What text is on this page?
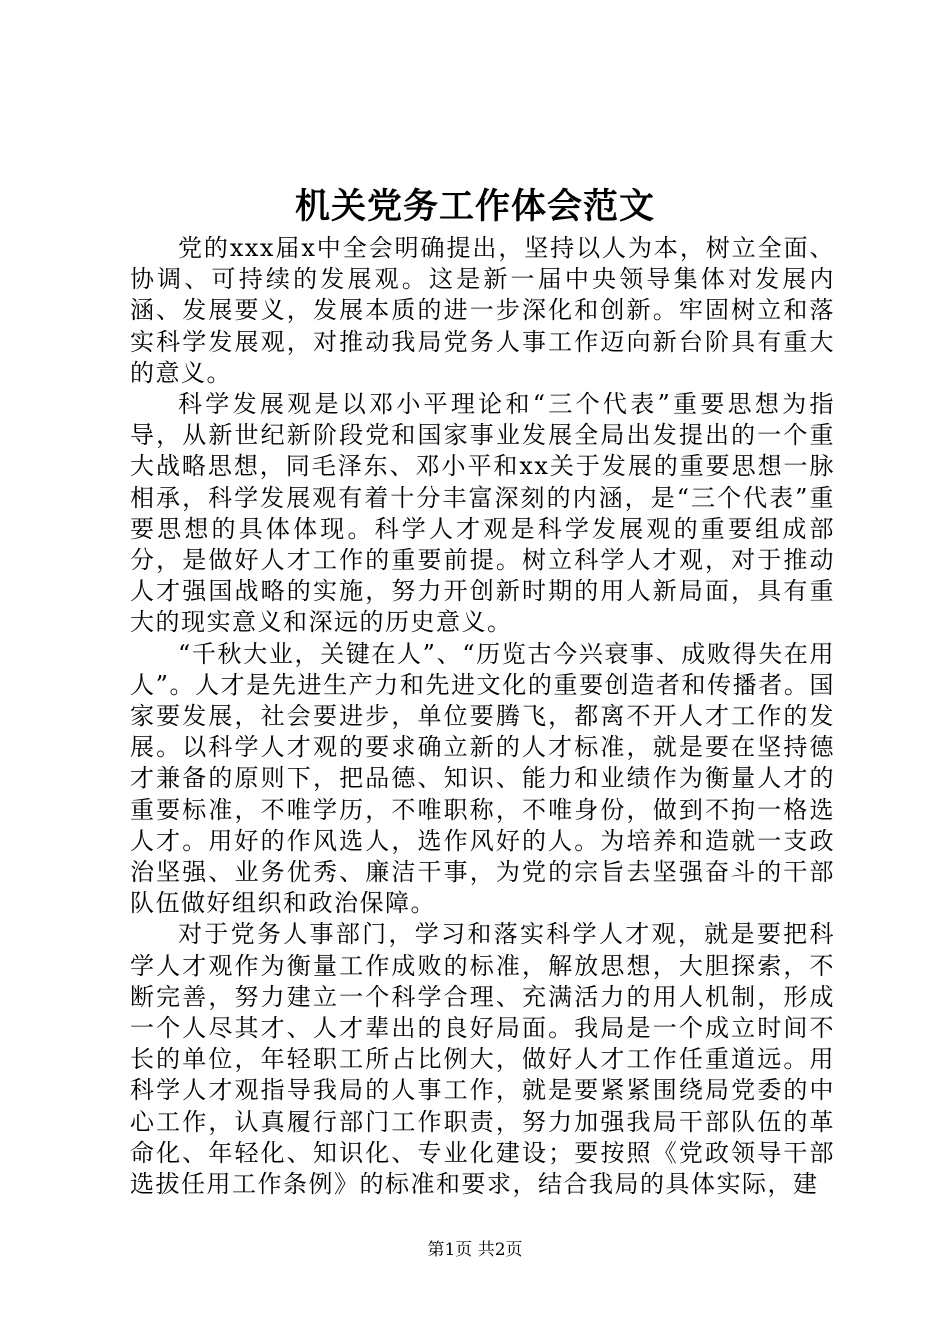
机关党务工作体会范文

党的xxx届x中全会明确提出，坚持以人为本，树立全面、协调、可持续的发展观。这是新一届中央领导集体对发展内涵、发展要义，发展本质的进一步深化和创新。牢固树立和落实科学发展观，对推动我局党务人事工作迈向新台阶具有重大的意义。

科学发展观是以邓小平理论和“三个代表”重要思想为指导，从新世纪新阶段党和国家事业发展全局出发提出的一个重大战略思想，同毛泽东、邓小平和xx关于发展的重要思想一脉相承，科学发展观有着十分丰富深刻的内涵，是“三个代表”重要思想的具体体现。科学人才观是科学发展观的重要组成部分，是做好人才工作的重要前提。树立科学人才观，对于推动人才强国战略的实施，努力开创新时期的用人新局面，具有重大的现实意义和深远的历史意义。

“千秋大业，关键在人”、“历览古今兴衰事、成败得失在用人”。人才是先进生产力和先进文化的重要创造者和传播者。国家要发展，社会要进步，单位要腾飞，都离不开人才工作的发展。以科学人才观的要求确立新的人才标准，就是要在坚持德才兼备的原则下，把品德、知识、能力和业绩作为衡量人才的重要标准，不唯学历，不唯职称，不唯身份，做到不拘一格选人才。用好的作风选人，选作风好的人。为培养和造就一支政治坚强、业务优秀、廉洁干事，为党的宗旨去坚强奋斗的干部队伍做好组织和政治保障。

对于党务人事部门，学习和落实科学人才观，就是要把科学人才观作为衡量工作成败的标准，解放思想，大胆探索，不断完善，努力建立一个科学合理、充满活力的用人机制，形成一个人尽其才、人才辈出的良好局面。我局是一个成立时间不长的单位，年轻职工所占比例大，做好人才工作任重道远。用科学人才观指导我局的人事工作，就是要紧紧围绕局党委的中心工作，认真履行部门工作职责，努力加强我局干部队伍的革命化、年轻化、知识化、专业化建设；要按照《党政领导干部选拔任用工作条例》的标准和要求，结合我局的具体实际，建

第1页 共2页
